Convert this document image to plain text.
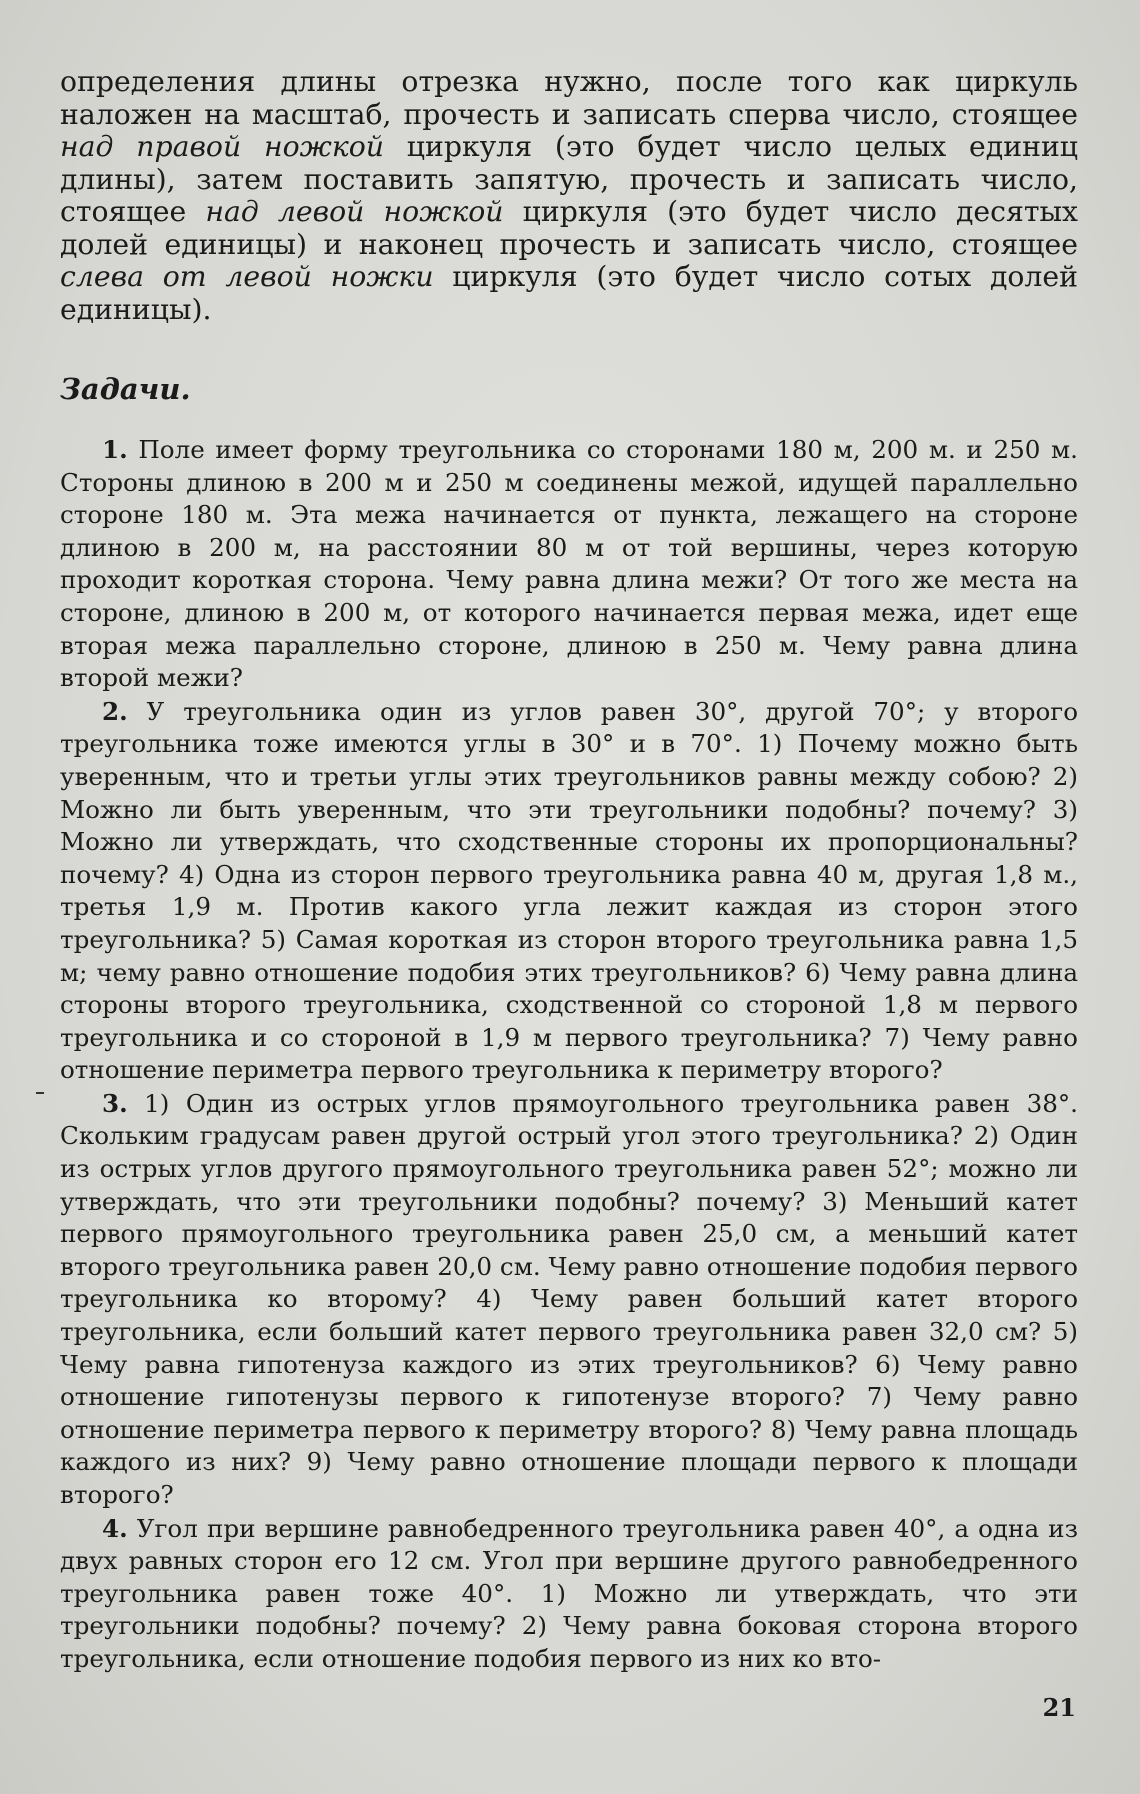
определения длины отрезка нужно, после того как циркуль наложен на масштаб, прочесть и записать сперва число, стоящее над правой ножкой циркуля (это будет число целых единиц длины), затем поставить запятую, прочесть и записать число, стоящее над левой ножкой циркуля (это будет число десятых долей единицы) и наконец прочесть и записать число, стоящее слева от левой ножки циркуля (это будет число сотых долей единицы).

Задачи.

1. Поле имеет форму треугольника со сторонами 180 м, 200 м. и 250 м. Стороны длиною в 200 м и 250 м соединены межой, идущей параллельно стороне 180 м. Эта межа начинается от пункта, лежащего на стороне длиною в 200 м, на расстоянии 80 м от той вершины, через которую проходит короткая сторона. Чему равна длина межи? От того же места на стороне, длиною в 200 м, от которого начинается первая межа, идет еще вторая межа параллельно стороне, длиною в 250 м. Чему равна длина второй межи?

2. У треугольника один из углов равен 30°, другой 70°; у второго треугольника тоже имеются углы в 30° и в 70°. 1) Почему можно быть уверенным, что и третьи углы этих треугольников равны между собою? 2) Можно ли быть уверенным, что эти треугольники подобны? почему? 3) Можно ли утверждать, что сходственные стороны их пропорциональны? почему? 4) Одна из сторон первого треугольника равна 40 м, другая 1,8 м., третья 1,9 м. Против какого угла лежит каждая из сторон этого треугольника? 5) Самая короткая из сторон второго треугольника равна 1,5 м; чему равно отношение подобия этих треугольников? 6) Чему равна длина стороны второго треугольника, сходственной со стороной 1,8 м первого треугольника и со стороной в 1,9 м первого треугольника? 7) Чему равно отношение периметра первого треугольника к периметру второго?

3. 1) Один из острых углов прямоугольного треугольника равен 38°. Скольким градусам равен другой острый угол этого треугольника? 2) Один из острых углов другого прямоугольного треугольника равен 52°; можно ли утверждать, что эти треугольники подобны? почему? 3) Меньший катет первого прямоугольного треугольника равен 25,0 см, а меньший катет второго треугольника равен 20,0 см. Чему равно отношение подобия первого треугольника ко второму? 4) Чему равен больший катет второго треугольника, если больший катет первого треугольника равен 32,0 см? 5) Чему равна гипотенуза каждого из этих треугольников? 6) Чему равно отношение гипотенузы первого к гипотенузе второго? 7) Чему равно отношение периметра первого к периметру второго? 8) Чему равна площадь каждого из них? 9) Чему равно отношение площади первого к площади второго?

4. Угол при вершине равнобедренного треугольника равен 40°, а одна из двух равных сторон его 12 см. Угол при вершине другого равнобедренного треугольника равен тоже 40°. 1) Можно ли утверждать, что эти треугольники подобны? почему? 2) Чему равна боковая сторона второго треугольника, если отношение подобия первого из них ко вто-

21
